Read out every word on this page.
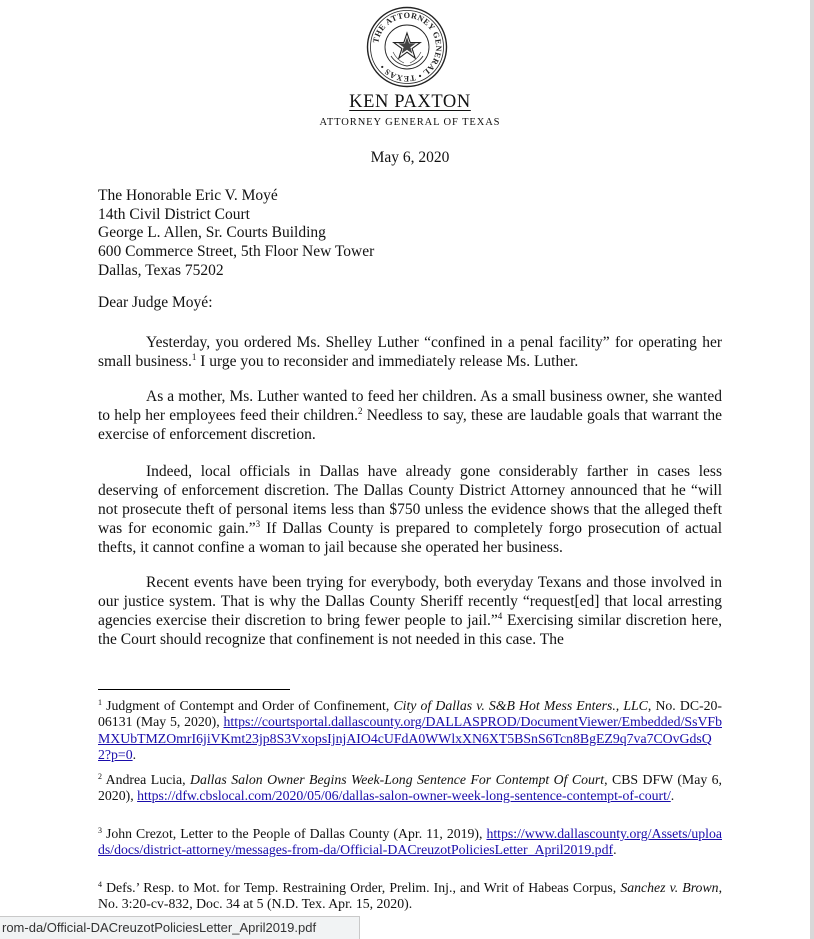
THE ATTORNEY GENERAL • TEXAS •
KEN PAXTON
ATTORNEY GENERAL OF TEXAS
May 6, 2020
The Honorable Eric V. Moyé
14th Civil District Court
George L. Allen, Sr. Courts Building
600 Commerce Street, 5th Floor New Tower
Dallas, Texas 75202
Dear Judge Moyé:

Yesterday, you ordered Ms. Shelley Luther “confined in a penal facility” for operating her small business.$^1$ I urge you to reconsider and immediately release Ms. Luther.

As a mother, Ms. Luther wanted to feed her children. As a small business owner, she wanted to help her employees feed their children.$^2$ Needless to say, these are laudable goals that warrant the exercise of enforcement discretion.

Indeed, local officials in Dallas have already gone considerably farther in cases less deserving of enforcement discretion. The Dallas County District Attorney announced that he “will not prosecute theft of personal items less than $750 unless the evidence shows that the alleged theft was for economic gain.”$^3$ If Dallas County is prepared to completely forgo prosecution of actual thefts, it cannot confine a woman to jail because she operated her business.

Recent events have been trying for everybody, both everyday Texans and those involved in our justice system. That is why the Dallas County Sheriff recently “request[ed] that local arresting agencies exercise their discretion to bring fewer people to jail.”$^4$ Exercising similar discretion here, the Court should recognize that confinement is not needed in this case. The

$^1$ Judgment of Contempt and Order of Confinement, City of Dallas v. S&B Hot Mess Enters., LLC, No. DC-20-06131 (May 5, 2020), https://courtsportal.dallascounty.org/DALLASPROD/DocumentViewer/Embedded/SsVFbMXUbTMZOmrI6jiVKmt23jp8S3VxopsIjnjAIO4cUFdA0WWlxXN6XT5BSnS6Tcn8BgEZ9q7va7COvGdsQ2?p=0.

$^2$ Andrea Lucia, Dallas Salon Owner Begins Week-Long Sentence For Contempt Of Court, CBS DFW (May 6, 2020), https://dfw.cbslocal.com/2020/05/06/dallas-salon-owner-week-long-sentence-contempt-of-court/.

$^3$ John Crezot, Letter to the People of Dallas County (Apr. 11, 2019), https://www.dallascounty.org/Assets/uploads/docs/district-attorney/messages-from-da/Official-DACreuzotPoliciesLetter_April2019.pdf.

$^4$ Defs.’ Resp. to Mot. for Temp. Restraining Order, Prelim. Inj., and Writ of Habeas Corpus, Sanchez v. Brown, No. 3:20-cv-832, Doc. 34 at 5 (N.D. Tex. Apr. 15, 2020).

rom-da/Official-DACreuzotPoliciesLetter_April2019.pdf
